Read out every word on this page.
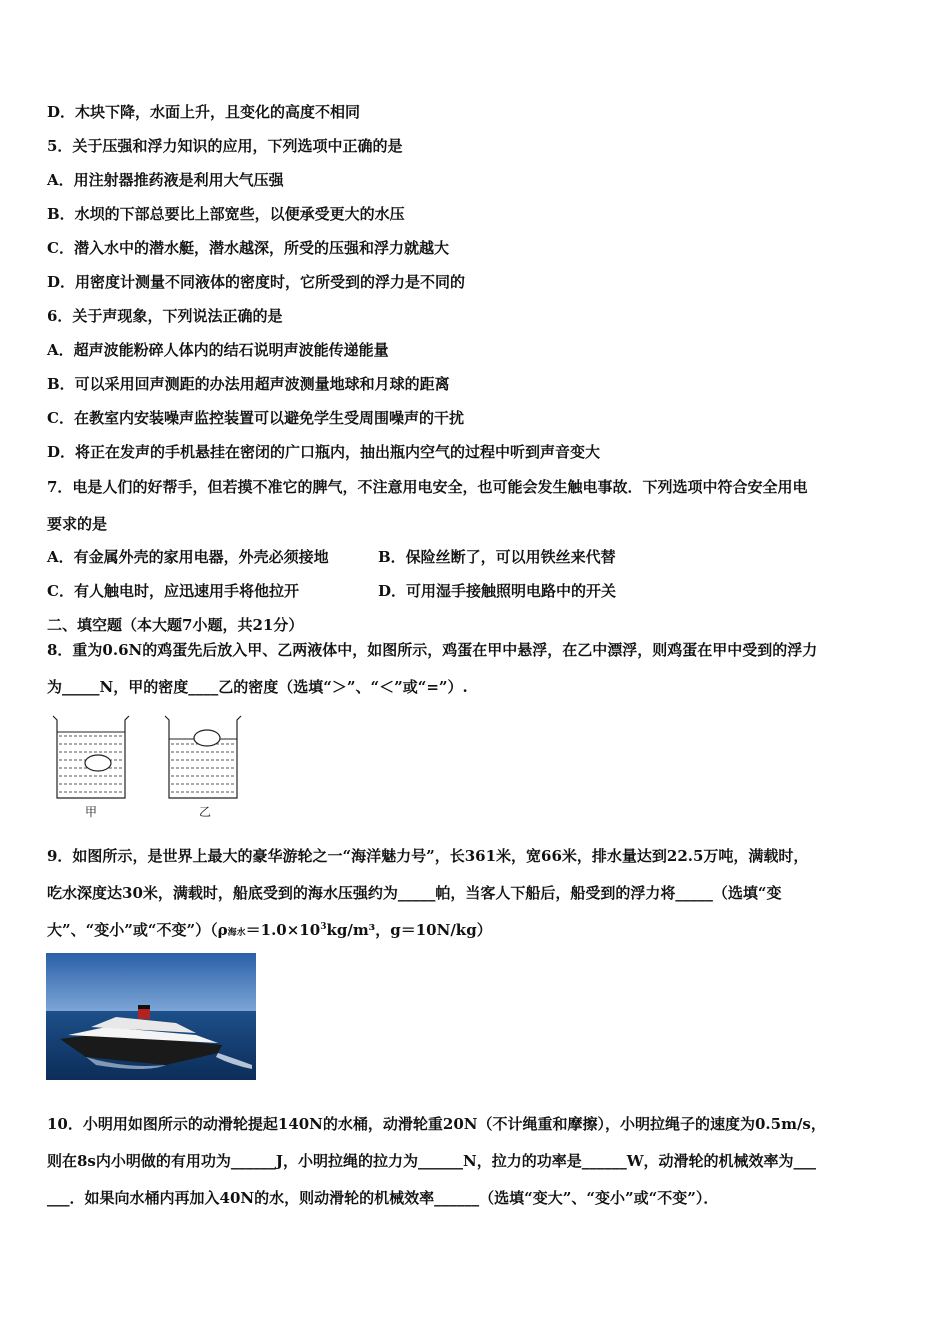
D．木块下降，水面上升，且变化的高度不相同
5．关于压强和浮力知识的应用，下列选项中正确的是
A．用注射器推药液是利用大气压强
B．水坝的下部总要比上部宽些，以便承受更大的水压
C．潜入水中的潜水艇，潜水越深，所受的压强和浮力就越大
D．用密度计测量不同液体的密度时，它所受到的浮力是不同的
6．关于声现象，下列说法正确的是
A．超声波能粉碎人体内的结石说明声波能传递能量
B．可以采用回声测距的办法用超声波测量地球和月球的距离
C．在教室内安装噪声监控装置可以避免学生受周围噪声的干扰
D．将正在发声的手机悬挂在密闭的广口瓶内，抽出瓶内空气的过程中听到声音变大
7．电是人们的好帮手，但若摸不准它的脾气，不注意用电安全，也可能会发生触电事故．下列选项中符合安全用电
要求的是
A．有金属外壳的家用电器，外壳必须接地	B．保险丝断了，可以用铁丝来代替
C．有人触电时，应迅速用手将他拉开	D．可用湿手接触照明电路中的开关
二、填空题（本大题7小题，共21分）
8．重为0.6N的鸡蛋先后放入甲、乙两液体中，如图所示，鸡蛋在甲中悬浮，在乙中漂浮，则鸡蛋在甲中受到的浮力
为_____N，甲的密度____乙的密度（选填“＞”、“＜”或“=”）.
甲	乙
9．如图所示，是世界上最大的豪华游轮之一“海洋魅力号”，长361米，宽66米，排水量达到22.5万吨，满载时，
吃水深度达30米，满载时，船底受到的海水压强约为_____帕，当客人下船后，船受到的浮力将_____（选填“变
大”、“变小”或“不变”）（ρ海水$=1.0\times 10^3kg/m^3$，g＝10N/kg）
10．小明用如图所示的动滑轮提起140N的水桶，动滑轮重20N（不计绳重和摩擦），小明拉绳子的速度为0.5m/s，
则在8s内小明做的有用功为______J，小明拉绳的拉力为______N，拉力的功率是______W，动滑轮的机械效率为___
___．如果向水桶内再加入40N的水，则动滑轮的机械效率______（选填“变大”、“变小”或“不变”）．
